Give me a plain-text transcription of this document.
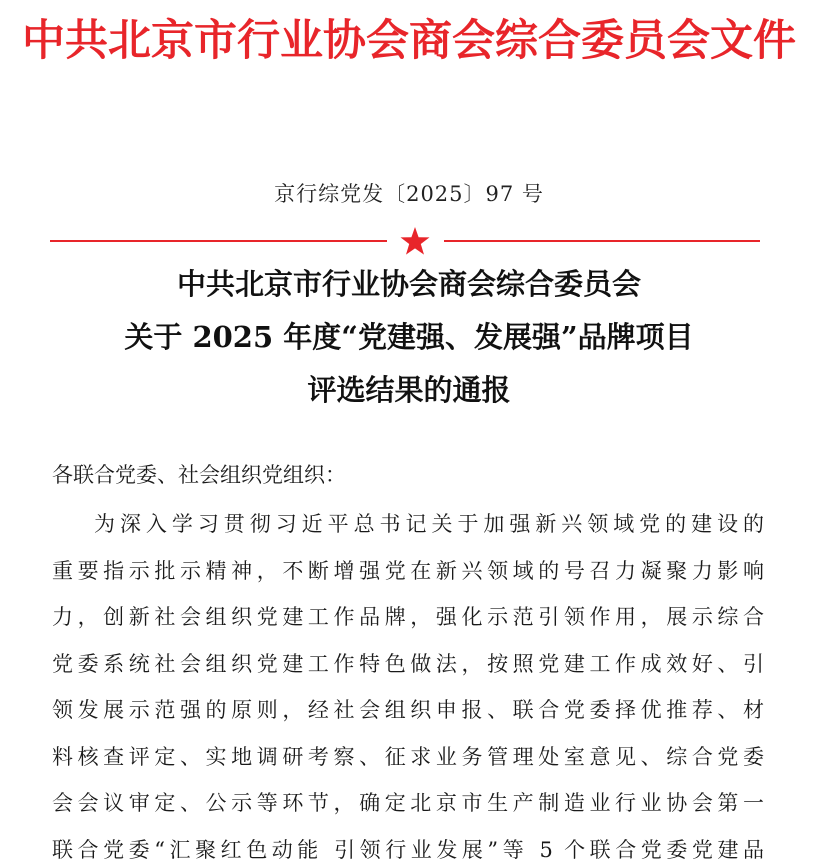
中共北京市行业协会商会综合委员会文件
京行综党发〔2025〕97 号
中共北京市行业协会商会综合委员会
关于 2025 年度“党建强、发展强”品牌项目
评选结果的通报
各联合党委、社会组织党组织：
为深入学习贯彻习近平总书记关于加强新兴领域党的建设的
重要指示批示精神，不断增强党在新兴领域的号召力凝聚力影响
力，创新社会组织党建工作品牌，强化示范引领作用，展示综合
党委系统社会组织党建工作特色做法，按照党建工作成效好、引
领发展示范强的原则，经社会组织申报、联合党委择优推荐、材
料核查评定、实地调研考察、征求业务管理处室意见、综合党委
会会议审定、公示等环节，确定北京市生产制造业行业协会第一
联合党委“汇聚红色动能 引领行业发展”等 5 个联合党委党建品
